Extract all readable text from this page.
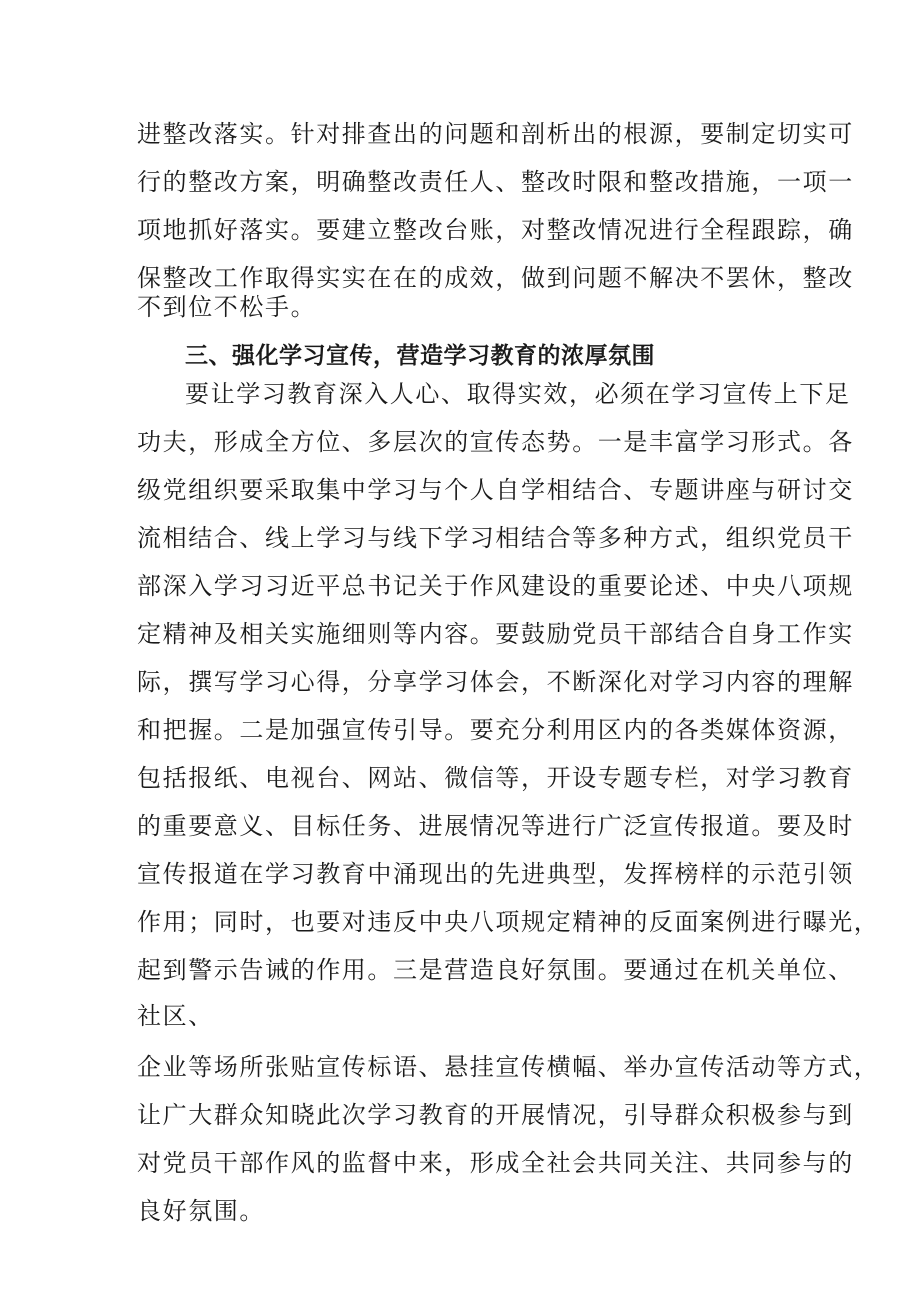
进整改落实。针对排查出的问题和剖析出的根源，要制定切实可

行的整改方案，明确整改责任人、整改时限和整改措施，一项一

项地抓好落实。要建立整改台账，对整改情况进行全程跟踪，确

保整改工作取得实实在在的成效，做到问题不解决不罢休，整改

不到位不松手。

三、强化学习宣传，营造学习教育的浓厚氛围

要让学习教育深入人心、取得实效，必须在学习宣传上下足

功夫，形成全方位、多层次的宣传态势。一是丰富学习形式。各

级党组织要采取集中学习与个人自学相结合、专题讲座与研讨交

流相结合、线上学习与线下学习相结合等多种方式，组织党员干

部深入学习习近平总书记关于作风建设的重要论述、中央八项规

定精神及相关实施细则等内容。要鼓励党员干部结合自身工作实

际，撰写学习心得，分享学习体会，不断深化对学习内容的理解

和把握。二是加强宣传引导。要充分利用区内的各类媒体资源，

包括报纸、电视台、网站、微信等，开设专题专栏，对学习教育

的重要意义、目标任务、进展情况等进行广泛宣传报道。要及时

宣传报道在学习教育中涌现出的先进典型，发挥榜样的示范引领

作用；同时，也要对违反中央八项规定精神的反面案例进行曝光，

起到警示告诫的作用。三是营造良好氛围。要通过在机关单位、

社区、

企业等场所张贴宣传标语、悬挂宣传横幅、举办宣传活动等方式，

让广大群众知晓此次学习教育的开展情况，引导群众积极参与到

对党员干部作风的监督中来，形成全社会共同关注、共同参与的

良好氛围。
